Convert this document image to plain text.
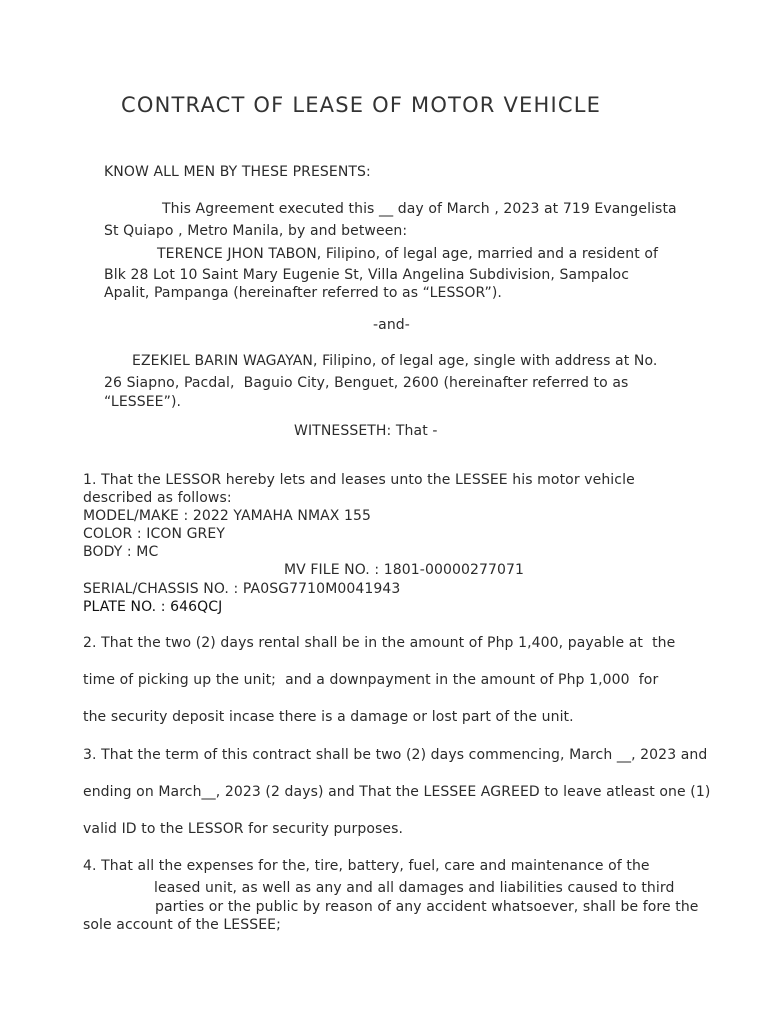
CONTRACT OF LEASE OF MOTOR VEHICLE
KNOW ALL MEN BY THESE PRESENTS:
This Agreement executed this __ day of March , 2023 at 719 Evangelista
St Quiapo , Metro Manila, by and between:
TERENCE JHON TABON, Filipino, of legal age, married and a resident of
Blk 28 Lot 10 Saint Mary Eugenie St, Villa Angelina Subdivision, Sampaloc
Apalit, Pampanga (hereinafter referred to as “LESSOR”).
-and-
EZEKIEL BARIN WAGAYAN, Filipino, of legal age, single with address at No.
26 Siapno, Pacdal,  Baguio City, Benguet, 2600 (hereinafter referred to as
“LESSEE”).
WITNESSETH: That -
1. That the LESSOR hereby lets and leases unto the LESSEE his motor vehicle
described as follows:
MODEL/MAKE : 2022 YAMAHA NMAX 155
COLOR : ICON GREY
BODY : MC
MV FILE NO. : 1801-00000277071
SERIAL/CHASSIS NO. : PA0SG7710M0041943
PLATE NO. : 646QCJ
2. That the two (2) days rental shall be in the amount of Php 1,400, payable at  the
time of picking up the unit;  and a downpayment in the amount of Php 1,000  for
the security deposit incase there is a damage or lost part of the unit.
3. That the term of this contract shall be two (2) days commencing, March __, 2023 and
ending on March__, 2023 (2 days) and That the LESSEE AGREED to leave atleast one (1)
valid ID to the LESSOR for security purposes.
4. That all the expenses for the, tire, battery, fuel, care and maintenance of the
leased unit, as well as any and all damages and liabilities caused to third
parties or the public by reason of any accident whatsoever, shall be fore the
sole account of the LESSEE;
